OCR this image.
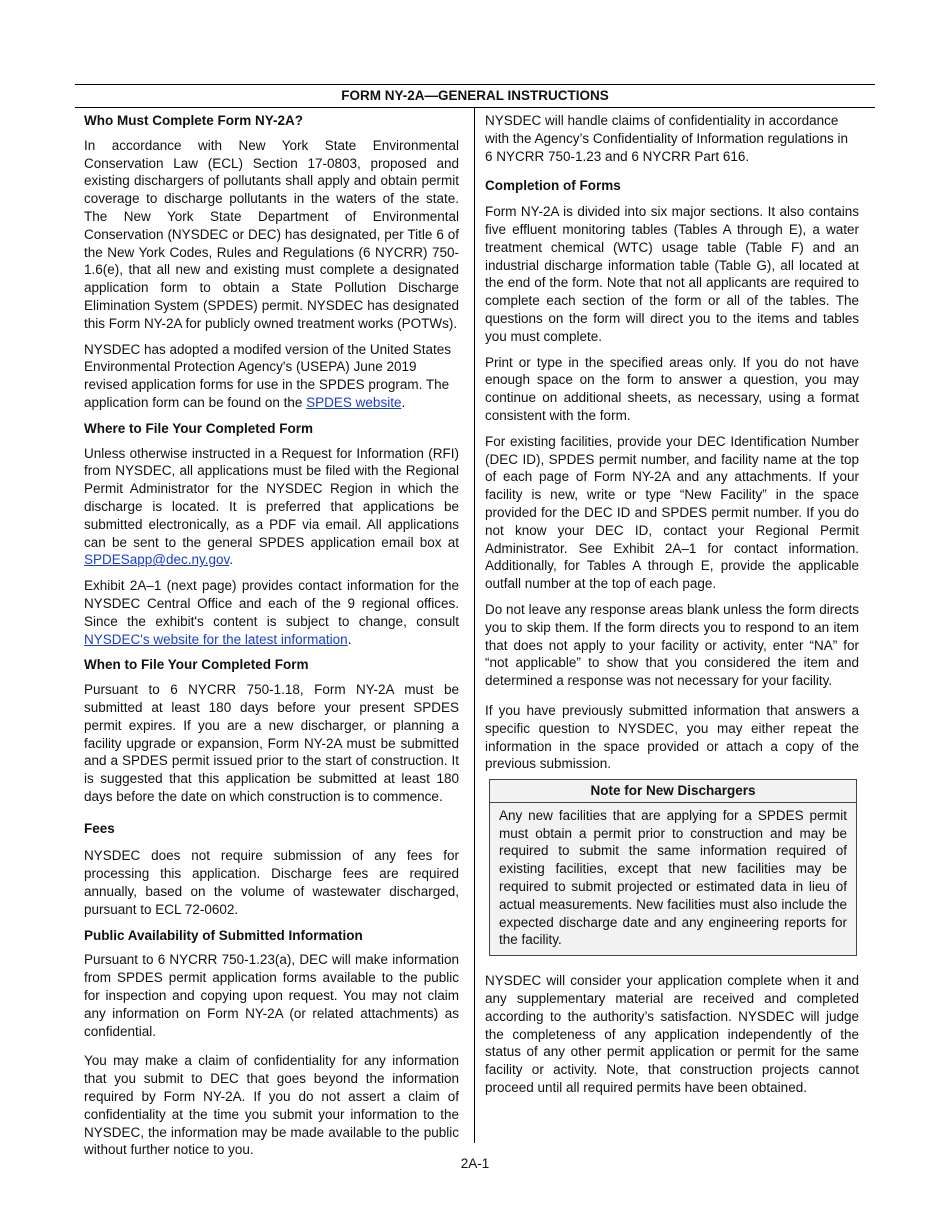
FORM NY-2A—GENERAL INSTRUCTIONS
Who Must Complete Form NY-2A?

In accordance with New York State Environmental Conservation Law (ECL) Section 17-0803, proposed and existing dischargers of pollutants shall apply and obtain permit coverage to discharge pollutants in the waters of the state. The New York State Department of Environmental Conservation (NYSDEC or DEC) has designated, per Title 6 of the New York Codes, Rules and Regulations (6 NYCRR) 750-1.6(e), that all new and existing must complete a designated application form to obtain a State Pollution Discharge Elimination System (SPDES) permit. NYSDEC has designated this Form NY-2A for publicly owned treatment works (POTWs).

NYSDEC has adopted a modifed version of the United States Environmental Protection Agency's (USEPA) June 2019 revised application forms for use in the SPDES program. The application form can be found on the SPDES website.

Where to File Your Completed Form

Unless otherwise instructed in a Request for Information (RFI) from NYSDEC, all applications must be filed with the Regional Permit Administrator for the NYSDEC Region in which the discharge is located. It is preferred that applications be submitted electronically, as a PDF via email. All applications can be sent to the general SPDES application email box at SPDESapp@dec.ny.gov.

Exhibit 2A–1 (next page) provides contact information for the NYSDEC Central Office and each of the 9 regional offices. Since the exhibit's content is subject to change, consult NYSDEC's website for the latest information.

When to File Your Completed Form

Pursuant to 6 NYCRR 750-1.18, Form NY-2A must be submitted at least 180 days before your present SPDES permit expires. If you are a new discharger, or planning a facility upgrade or expansion, Form NY-2A must be submitted and a SPDES permit issued prior to the start of construction. It is suggested that this application be submitted at least 180 days before the date on which construction is to commence.

Fees

NYSDEC does not require submission of any fees for processing this application. Discharge fees are required annually, based on the volume of wastewater discharged, pursuant to ECL 72-0602.

Public Availability of Submitted Information

Pursuant to 6 NYCRR 750-1.23(a), DEC will make information from SPDES permit application forms available to the public for inspection and copying upon request. You may not claim any information on Form NY-2A (or related attachments) as confidential.

You may make a claim of confidentiality for any information that you submit to DEC that goes beyond the information required by Form NY-2A. If you do not assert a claim of confidentiality at the time you submit your information to the NYSDEC, the information may be made available to the public without further notice to you.

NYSDEC will handle claims of confidentiality in accordance with the Agency’s Confidentiality of Information regulations in 6 NYCRR 750-1.23 and 6 NYCRR Part 616.

Completion of Forms

Form NY-2A is divided into six major sections. It also contains five effluent monitoring tables (Tables A through E), a water treatment chemical (WTC) usage table (Table F) and an industrial discharge information table (Table G), all located at the end of the form. Note that not all applicants are required to complete each section of the form or all of the tables. The questions on the form will direct you to the items and tables you must complete.

Print or type in the specified areas only. If you do not have enough space on the form to answer a question, you may continue on additional sheets, as necessary, using a format consistent with the form.

For existing facilities, provide your DEC Identification Number (DEC ID), SPDES permit number, and facility name at the top of each page of Form NY-2A and any attachments. If your facility is new, write or type “New Facility” in the space provided for the DEC ID and SPDES permit number. If you do not know your DEC ID, contact your Regional Permit Administrator. See Exhibit 2A–1 for contact information. Additionally, for Tables A through E, provide the applicable outfall number at the top of each page.

Do not leave any response areas blank unless the form directs you to skip them. If the form directs you to respond to an item that does not apply to your facility or activity, enter “NA” for “not applicable” to show that you considered the item and determined a response was not necessary for your facility.

If you have previously submitted information that answers a specific question to NYSDEC, you may either repeat the information in the space provided or attach a copy of the previous submission.

Note for New Dischargers
Any new facilities that are applying for a SPDES permit must obtain a permit prior to construction and may be required to submit the same information required of existing facilities, except that new facilities may be required to submit projected or estimated data in lieu of actual measurements. New facilities must also include the expected discharge date and any engineering reports for the facility.

NYSDEC will consider your application complete when it and any supplementary material are received and completed according to the authority’s satisfaction. NYSDEC will judge the completeness of any application independently of the status of any other permit application or permit for the same facility or activity. Note, that construction projects cannot proceed until all required permits have been obtained.

2A-1
